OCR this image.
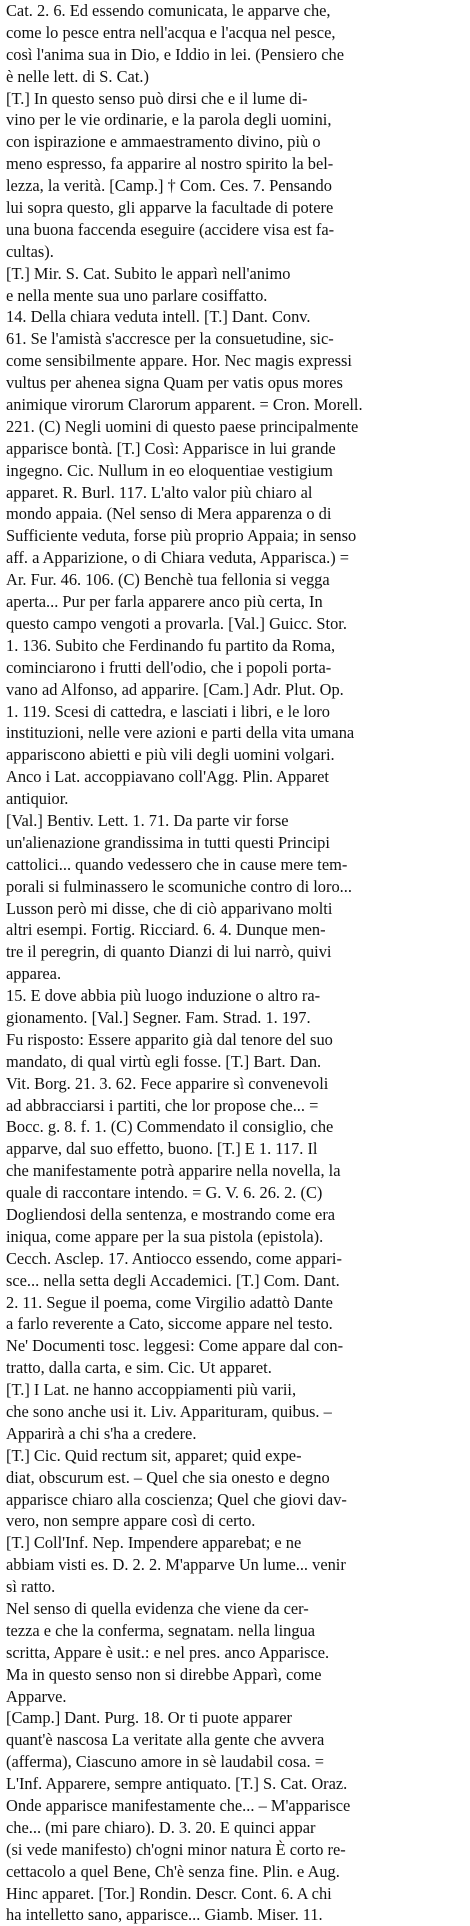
Cat. 2. 6. Ed essendo comunicata, le apparve che,
come lo pesce entra nell'acqua e l'acqua nel pesce,
così l'anima sua in Dio, e Iddio in lei. (Pensiero che
è nelle lett. di S. Cat.)
[T.] In questo senso può dirsi che e il lume di-
vino per le vie ordinarie, e la parola degli uomini,
con ispirazione e ammaestramento divino, più o
meno espresso, fa apparire al nostro spirito la bel-
lezza, la verità. [Camp.] † Com. Ces. 7. Pensando
lui sopra questo, gli apparve la facultade di potere
una buona faccenda eseguire (accidere visa est fa-
cultas).
[T.] Mir. S. Cat. Subito le apparì nell'animo
e nella mente sua uno parlare cosiffatto.
14. Della chiara veduta intell. [T.] Dant. Conv.
61. Se l'amistà s'accresce per la consuetudine, sic-
come sensibilmente appare. Hor. Nec magis expressi
vultus per ahenea signa Quam per vatis opus mores
animique virorum Clarorum apparent. = Cron. Morell.
221. (C) Negli uomini di questo paese principalmente
apparisce bontà. [T.] Così: Apparisce in lui grande
ingegno. Cic. Nullum in eo eloquentiae vestigium
apparet. R. Burl. 117. L'alto valor più chiaro al
mondo appaia. (Nel senso di Mera apparenza o di
Sufficiente veduta, forse più proprio Appaia; in senso
aff. a Apparizione, o di Chiara veduta, Apparisca.) =
Ar. Fur. 46. 106. (C) Benchè tua fellonia si vegga
aperta... Pur per farla apparere anco più certa, In
questo campo vengoti a provarla. [Val.] Guicc. Stor.
1. 136. Subito che Ferdinando fu partito da Roma,
cominciarono i frutti dell'odio, che i popoli porta-
vano ad Alfonso, ad apparire. [Cam.] Adr. Plut. Op.
1. 119. Scesi di cattedra, e lasciati i libri, e le loro
instituzioni, nelle vere azioni e parti della vita umana
appariscono abietti e più vili degli uomini volgari.
Anco i Lat. accoppiavano coll'Agg. Plin. Apparet
antiquior.
[Val.] Bentiv. Lett. 1. 71. Da parte vir forse
un'alienazione grandissima in tutti questi Principi
cattolici... quando vedessero che in cause mere tem-
porali si fulminassero le scomuniche contro di loro...
Lusson però mi disse, che di ciò apparivano molti
altri esempi. Fortig. Ricciard. 6. 4. Dunque men-
tre il peregrin, di quanto Dianzi di lui narrò, quivi
apparea.
15. E dove abbia più luogo induzione o altro ra-
gionamento. [Val.] Segner. Fam. Strad. 1. 197.
Fu risposto: Essere apparito già dal tenore del suo
mandato, di qual virtù egli fosse. [T.] Bart. Dan.
Vit. Borg. 21. 3. 62. Fece apparire sì convenevoli
ad abbracciarsi i partiti, che lor propose che... =
Bocc. g. 8. f. 1. (C) Commendato il consiglio, che
apparve, dal suo effetto, buono. [T.] E 1. 117. Il
che manifestamente potrà apparire nella novella, la
quale di raccontare intendo. = G. V. 6. 26. 2. (C)
Dogliendosi della sentenza, e mostrando come era
iniqua, come appare per la sua pistola (epistola).
Cecch. Asclep. 17. Antiocco essendo, come appari-
sce... nella setta degli Accademici. [T.] Com. Dant.
2. 11. Segue il poema, come Virgilio adattò Dante
a farlo reverente a Cato, siccome appare nel testo.
Ne' Documenti tosc. leggesi: Come appare dal con-
tratto, dalla carta, e sim. Cic. Ut apparet.
[T.] I Lat. ne hanno accoppiamenti più varii,
che sono anche usi it. Liv. Apparituram, quibus. –
Apparirà a chi s'ha a credere.
[T.] Cic. Quid rectum sit, apparet; quid expe-
diat, obscurum est. – Quel che sia onesto e degno
apparisce chiaro alla coscienza; Quel che giovi dav-
vero, non sempre appare così di certo.
[T.] Coll'Inf. Nep. Impendere apparebat; e ne
abbiam visti es. D. 2. 2. M'apparve Un lume... venir
sì ratto.
Nel senso di quella evidenza che viene da cer-
tezza e che la conferma, segnatam. nella lingua
scritta, Appare è usit.: e nel pres. anco Apparisce.
Ma in questo senso non si direbbe Apparì, come
Apparve.
[Camp.] Dant. Purg. 18. Or ti puote apparer
quant'è nascosa La veritate alla gente che avvera
(afferma), Ciascuno amore in sè laudabil cosa. =
L'Inf. Apparere, sempre antiquato. [T.] S. Cat. Oraz.
Onde apparisce manifestamente che... – M'apparisce
che... (mi pare chiaro). D. 3. 20. E quinci appar
(si vede manifesto) ch'ogni minor natura È corto re-
cettacolo a quel Bene, Ch'è senza fine. Plin. e Aug.
Hinc apparet. [Tor.] Rondin. Descr. Cont. 6. A chi
ha intelletto sano, apparisce... Giamb. Miser. 11.
